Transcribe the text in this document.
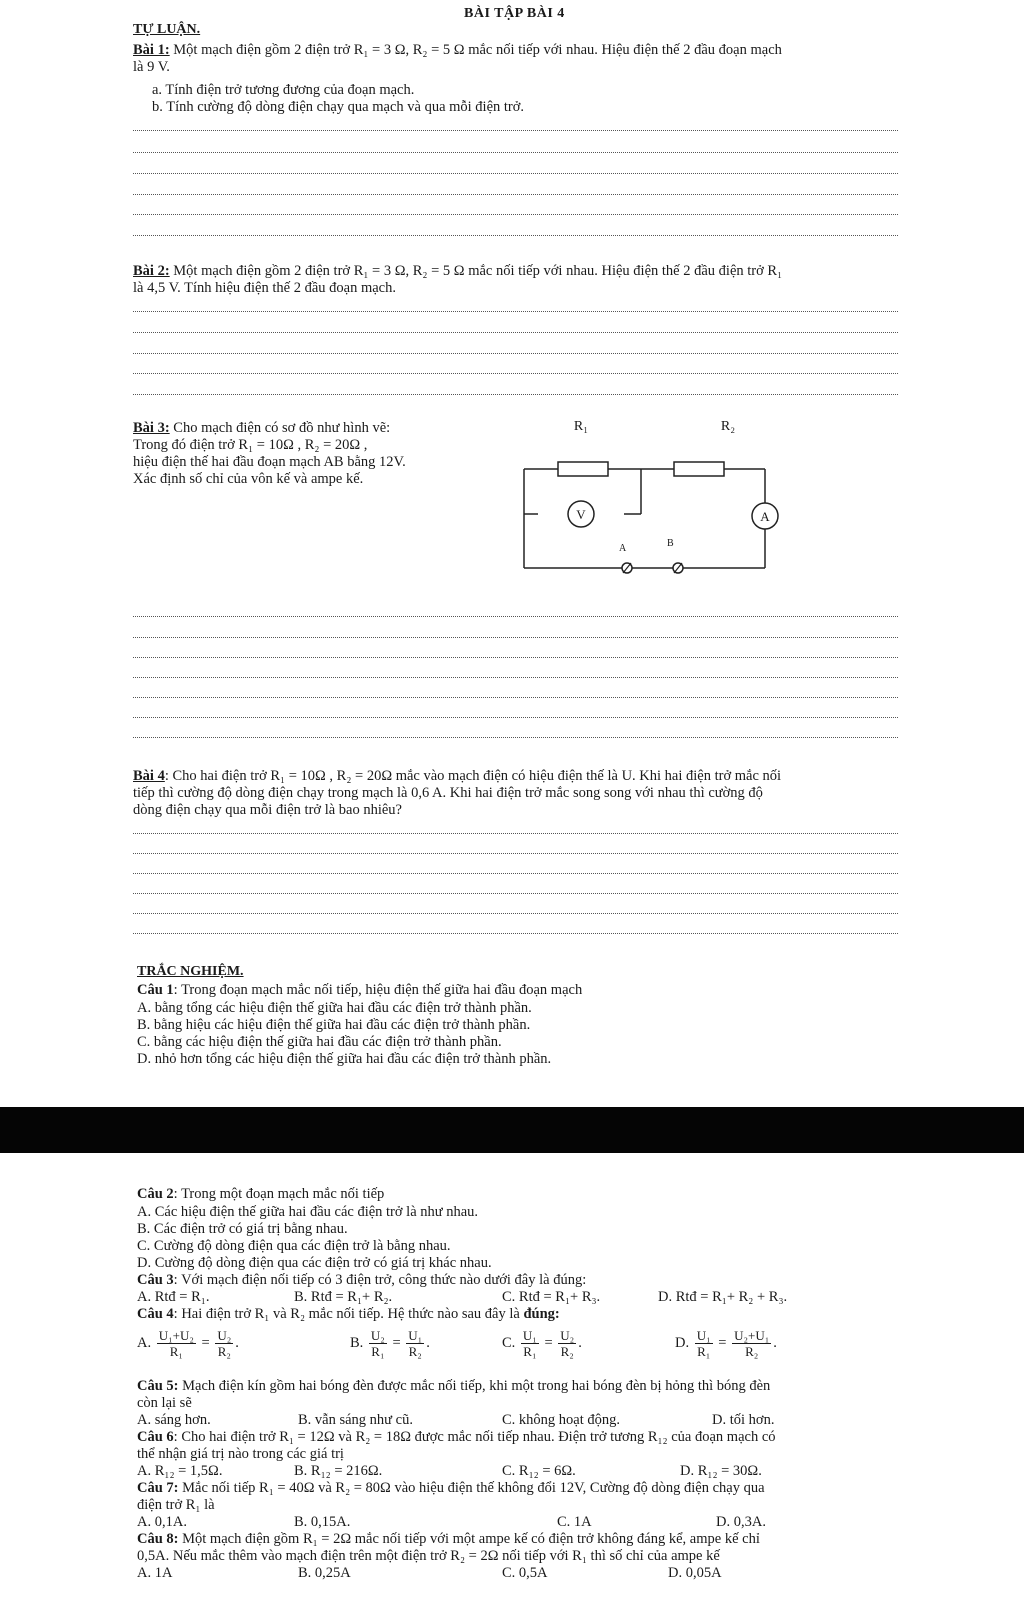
BÀI TẬP BÀI 4
TỰ LUẬN.
Bài 1: Một mạch điện gồm 2 điện trở R₁ = 3 Ω, R₂ = 5 Ω mắc nối tiếp với nhau. Hiệu điện thế 2 đầu đoạn mạch
là 9 V.
a. Tính điện trở tương đương của đoạn mạch.
b. Tính cường độ dòng điện chạy qua mạch và qua mỗi điện trở.
Bài 2: Một mạch điện gồm 2 điện trở R₁ = 3 Ω, R₂ = 5 Ω mắc nối tiếp với nhau. Hiệu điện thế 2 đầu điện trở R₁
là 4,5 V. Tính hiệu điện thế 2 đầu đoạn mạch.
Bài 3: Cho mạch điện có sơ đồ như hình vẽ:
Trong đó điện trở R₁ = 10Ω , R₂ = 20Ω ,
hiệu điện thế hai đầu đoạn mạch AB bằng 12V.
Xác định số chỉ của vôn kế và ampe kế.
R₁	R₂
V	A
A	B
Bài 4: Cho hai điện trở R₁ = 10Ω , R₂ = 20Ω mắc vào mạch điện có hiệu điện thế là U. Khi hai điện trở mắc nối
tiếp thì cường độ dòng điện chạy trong mạch là 0,6 A. Khi hai điện trở mắc song song với nhau thì cường độ
dòng điện chạy qua mỗi điện trở là bao nhiêu?
TRẮC NGHIỆM.
Câu 1: Trong đoạn mạch mắc nối tiếp, hiệu điện thế giữa hai đầu đoạn mạch
A. bằng tổng các hiệu điện thế giữa hai đầu các điện trở thành phần.
B. bằng hiệu các hiệu điện thế giữa hai đầu các điện trở thành phần.
C. bằng các hiệu điện thế giữa hai đầu các điện trở thành phần.
D. nhỏ hơn tổng các hiệu điện thế giữa hai đầu các điện trở thành phần.
Câu 2: Trong một đoạn mạch mắc nối tiếp
A. Các hiệu điện thế giữa hai đầu các điện trở là như nhau.
B. Các điện trở có giá trị bằng nhau.
C. Cường độ dòng điện qua các điện trở là bằng nhau.
D. Cường độ dòng điện qua các điện trở có giá trị khác nhau.
Câu 3: Với mạch điện nối tiếp có 3 điện trở, công thức nào dưới đây là đúng:
A. Rtđ = R₁.	B. Rtđ = R₁+ R₂.	C. Rtđ = R₁+ R₃.	D. Rtđ = R₁+ R₂ + R₃.
Câu 4: Hai điện trở R₁ và R₂ mắc nối tiếp. Hệ thức nào sau đây là đúng:
A. $\frac{\text{U₁+U₂}}{\text{R₁}} = \frac{\text{U₂}}{\text{R₂}}$ .	B. $\frac{\text{U₂}}{\text{R₁}} = \frac{\text{U₁}}{\text{R₂}}$ .	C. $\frac{\text{U₁}}{\text{R₁}} = \frac{\text{U₂}}{\text{R₂}}$ .	D. $\frac{\text{U₁}}{\text{R₁}} = \frac{\text{U₂+U₁}}{\text{R₂}}$ .
Câu 5: Mạch điện kín gồm hai bóng đèn được mắc nối tiếp, khi một trong hai bóng đèn bị hỏng thì bóng đèn
còn lại sẽ
A. sáng hơn.	B. vẫn sáng như cũ.	C. không hoạt động.	D. tối hơn.
Câu 6: Cho hai điện trở R₁ = 12Ω và R₂ = 18Ω được mắc nối tiếp nhau. Điện trở tương R₁₂ của đoạn mạch có
thể nhận giá trị nào trong các giá trị
A. R₁₂ = 1,5Ω.	B. R₁₂ = 216Ω.	C. R₁₂ = 6Ω.	D. R₁₂ = 30Ω.
Câu 7: Mắc nối tiếp R₁ = 40Ω và R₂ = 80Ω vào hiệu điện thế không đổi 12V, Cường độ dòng điện chạy qua
điện trở R₁ là
A. 0,1A.	B. 0,15A.	C. 1A	D. 0,3A.
Câu 8: Một mạch điện gồm R₁ = 2Ω mắc nối tiếp với một ampe kế có điện trở không đáng kể, ampe kế chỉ
0,5A. Nếu mắc thêm vào mạch điện trên một điện trở R₂ = 2Ω nối tiếp với R₁ thì số chỉ của ampe kế
A. 1A	B. 0,25A	C. 0,5A	D. 0,05A
